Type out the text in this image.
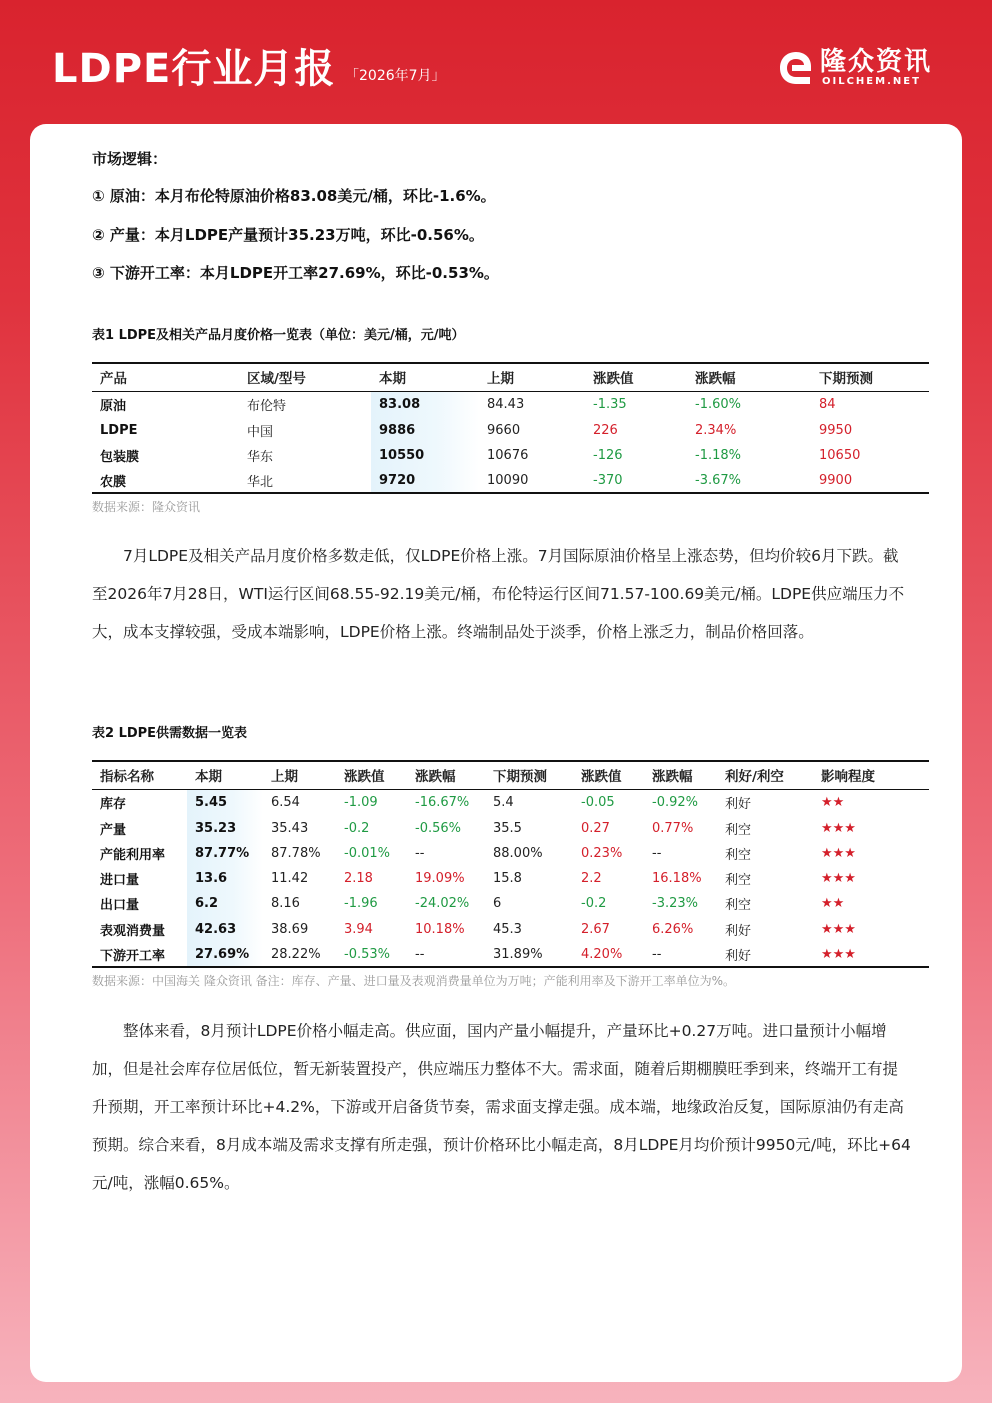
LDPE行业月报 「2026年7月」	隆众资讯
OILCHEM.NET
市场逻辑：
① 原油：本月布伦特原油价格83.08美元/桶，环比-1.6%。
② 产量：本月LDPE产量预计35.23万吨，环比-0.56%。
③ 下游开工率：本月LDPE开工率27.69%，环比-0.53%。
表1 LDPE及相关产品月度价格一览表（单位：美元/桶，元/吨）
产品	区域/型号	本期	上期	涨跌值	涨跌幅	下期预测
原油	布伦特	83.08	84.43	-1.35	-1.60%	84
LDPE	中国	9886	9660	226	2.34%	9950
包装膜	华东	10550	10676	-126	-1.18%	10650
农膜	华北	9720	10090	-370	-3.67%	9900
数据来源：隆众资讯

7月LDPE及相关产品月度价格多数走低，仅LDPE价格上涨。7月国际原油价格呈上涨态势，但均价较6月下跌。截至2026年7月28日，WTI运行区间68.55-92.19美元/桶，布伦特运行区间71.57-100.69美元/桶。LDPE供应端压力不大，成本支撑较强，受成本端影响，LDPE价格上涨。终端制品处于淡季，价格上涨乏力，制品价格回落。

表2 LDPE供需数据一览表
指标名称	本期	上期	涨跌值	涨跌幅	下期预测	涨跌值	涨跌幅	利好/利空	影响程度
库存	5.45	6.54	-1.09	-16.67%	5.4	-0.05	-0.92%	利好	★★
产量	35.23	35.43	-0.2	-0.56%	35.5	0.27	0.77%	利空	★★★
产能利用率	87.77%	87.78%	-0.01%	--	88.00%	0.23%	--	利空	★★★
进口量	13.6	11.42	2.18	19.09%	15.8	2.2	16.18%	利空	★★★
出口量	6.2	8.16	-1.96	-24.02%	6	-0.2	-3.23%	利空	★★
表观消费量	42.63	38.69	3.94	10.18%	45.3	2.67	6.26%	利好	★★★
下游开工率	27.69%	28.22%	-0.53%	--	31.89%	4.20%	--	利好	★★★
数据来源：中国海关 隆众资讯 备注：库存、产量、进口量及表观消费量单位为万吨；产能利用率及下游开工率单位为%。

整体来看，8月预计LDPE价格小幅走高。供应面，国内产量小幅提升，产量环比+0.27万吨。进口量预计小幅增加，但是社会库存位居低位，暂无新装置投产，供应端压力整体不大。需求面，随着后期棚膜旺季到来，终端开工有提升预期，开工率预计环比+4.2%，下游或开启备货节奏，需求面支撑走强。成本端，地缘政治反复，国际原油仍有走高预期。综合来看，8月成本端及需求支撑有所走强，预计价格环比小幅走高，8月LDPE月均价预计9950元/吨，环比+64元/吨，涨幅0.65%。
